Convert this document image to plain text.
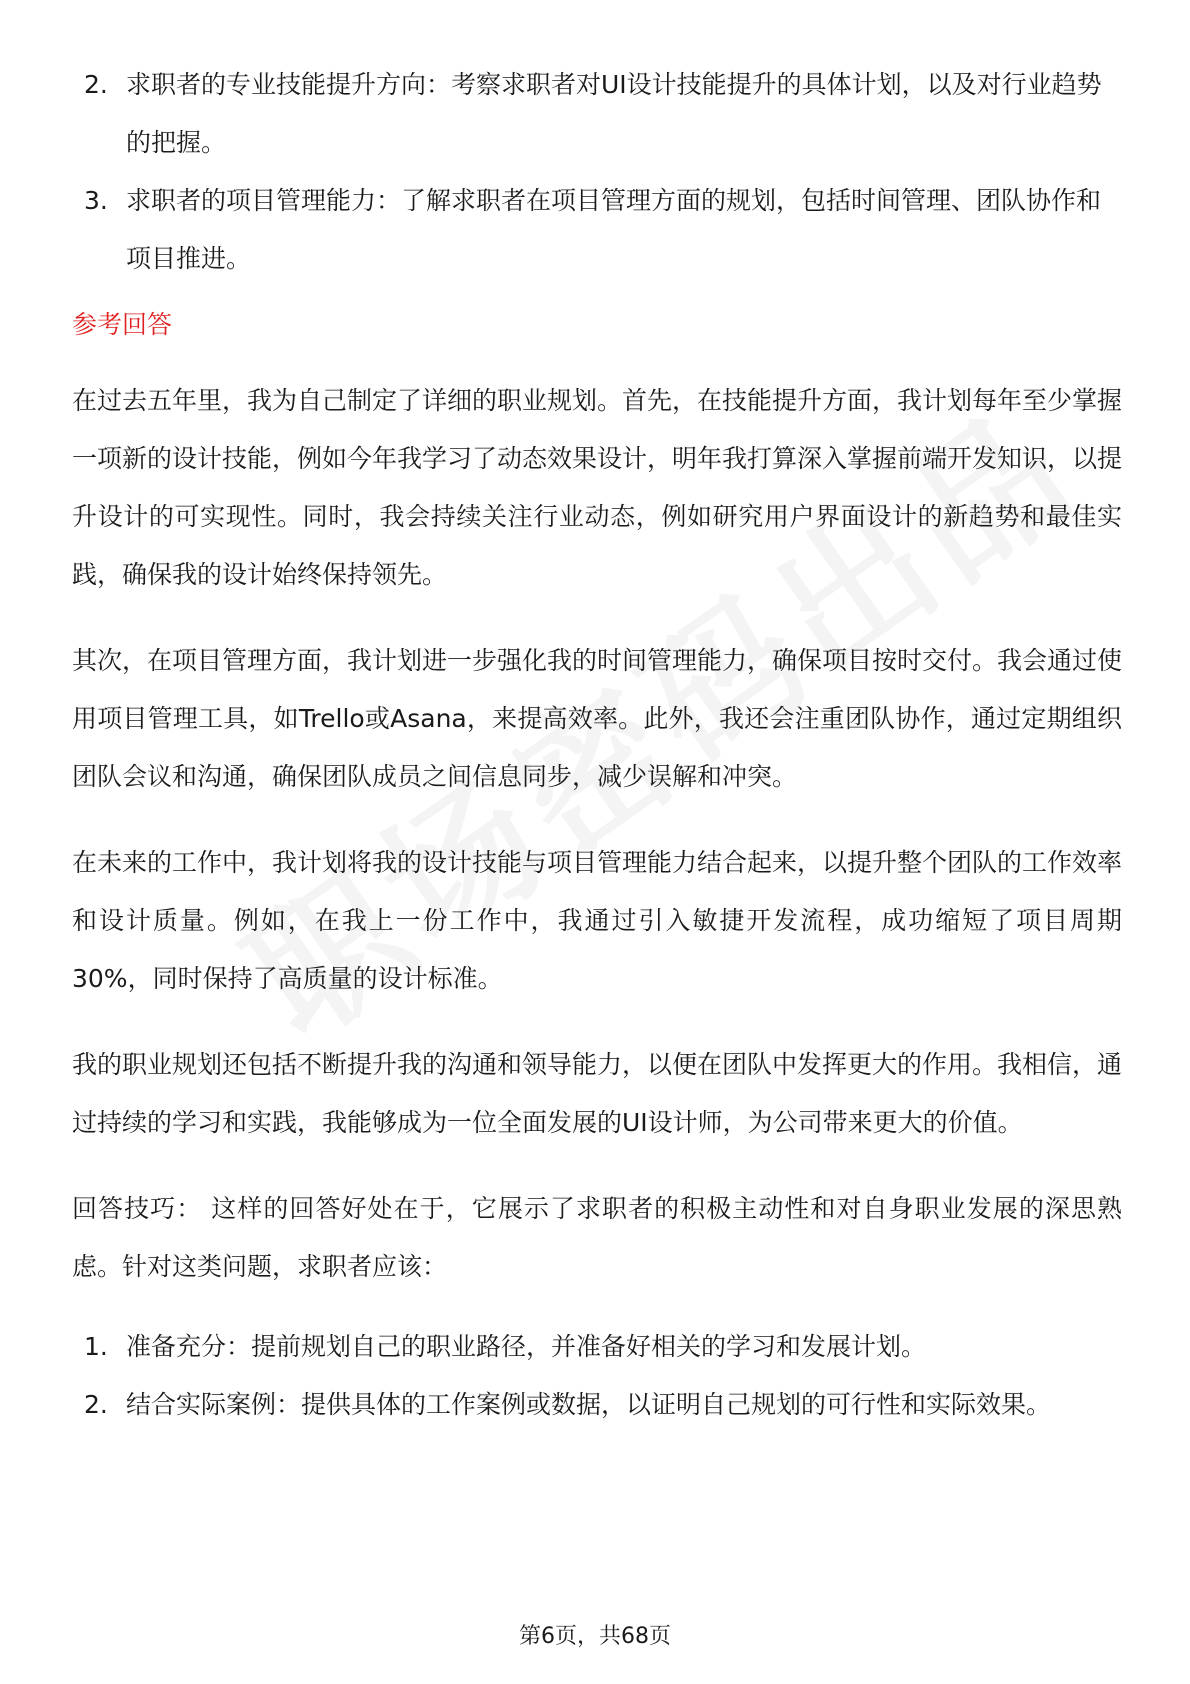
2. 求职者的专业技能提升方向：考察求职者对UI设计技能提升的具体计划，以及对行业趋势的把握。
3. 求职者的项目管理能力：了解求职者在项目管理方面的规划，包括时间管理、团队协作和项目推进。
参考回答

在过去五年里，我为自己制定了详细的职业规划。首先，在技能提升方面，我计划每年至少掌握一项新的设计技能，例如今年我学习了动态效果设计，明年我打算深入掌握前端开发知识，以提升设计的可实现性。同时，我会持续关注行业动态，例如研究用户界面设计的新趋势和最佳实践，确保我的设计始终保持领先。

其次，在项目管理方面，我计划进一步强化我的时间管理能力，确保项目按时交付。我会通过使用项目管理工具，如Trello或Asana，来提高效率。此外，我还会注重团队协作，通过定期组织团队会议和沟通，确保团队成员之间信息同步，减少误解和冲突。

在未来的工作中，我计划将我的设计技能与项目管理能力结合起来，以提升整个团队的工作效率和设计质量。例如，在我上一份工作中，我通过引入敏捷开发流程，成功缩短了项目周期30%，同时保持了高质量的设计标准。

我的职业规划还包括不断提升我的沟通和领导能力，以便在团队中发挥更大的作用。我相信，通过持续的学习和实践，我能够成为一位全面发展的UI设计师，为公司带来更大的价值。

回答技巧： 这样的回答好处在于，它展示了求职者的积极主动性和对自身职业发展的深思熟虑。针对这类问题，求职者应该：

1. 准备充分：提前规划自己的职业路径，并准备好相关的学习和发展计划。
2. 结合实际案例：提供具体的工作案例或数据，以证明自己规划的可行性和实际效果。
第6页，共68页
